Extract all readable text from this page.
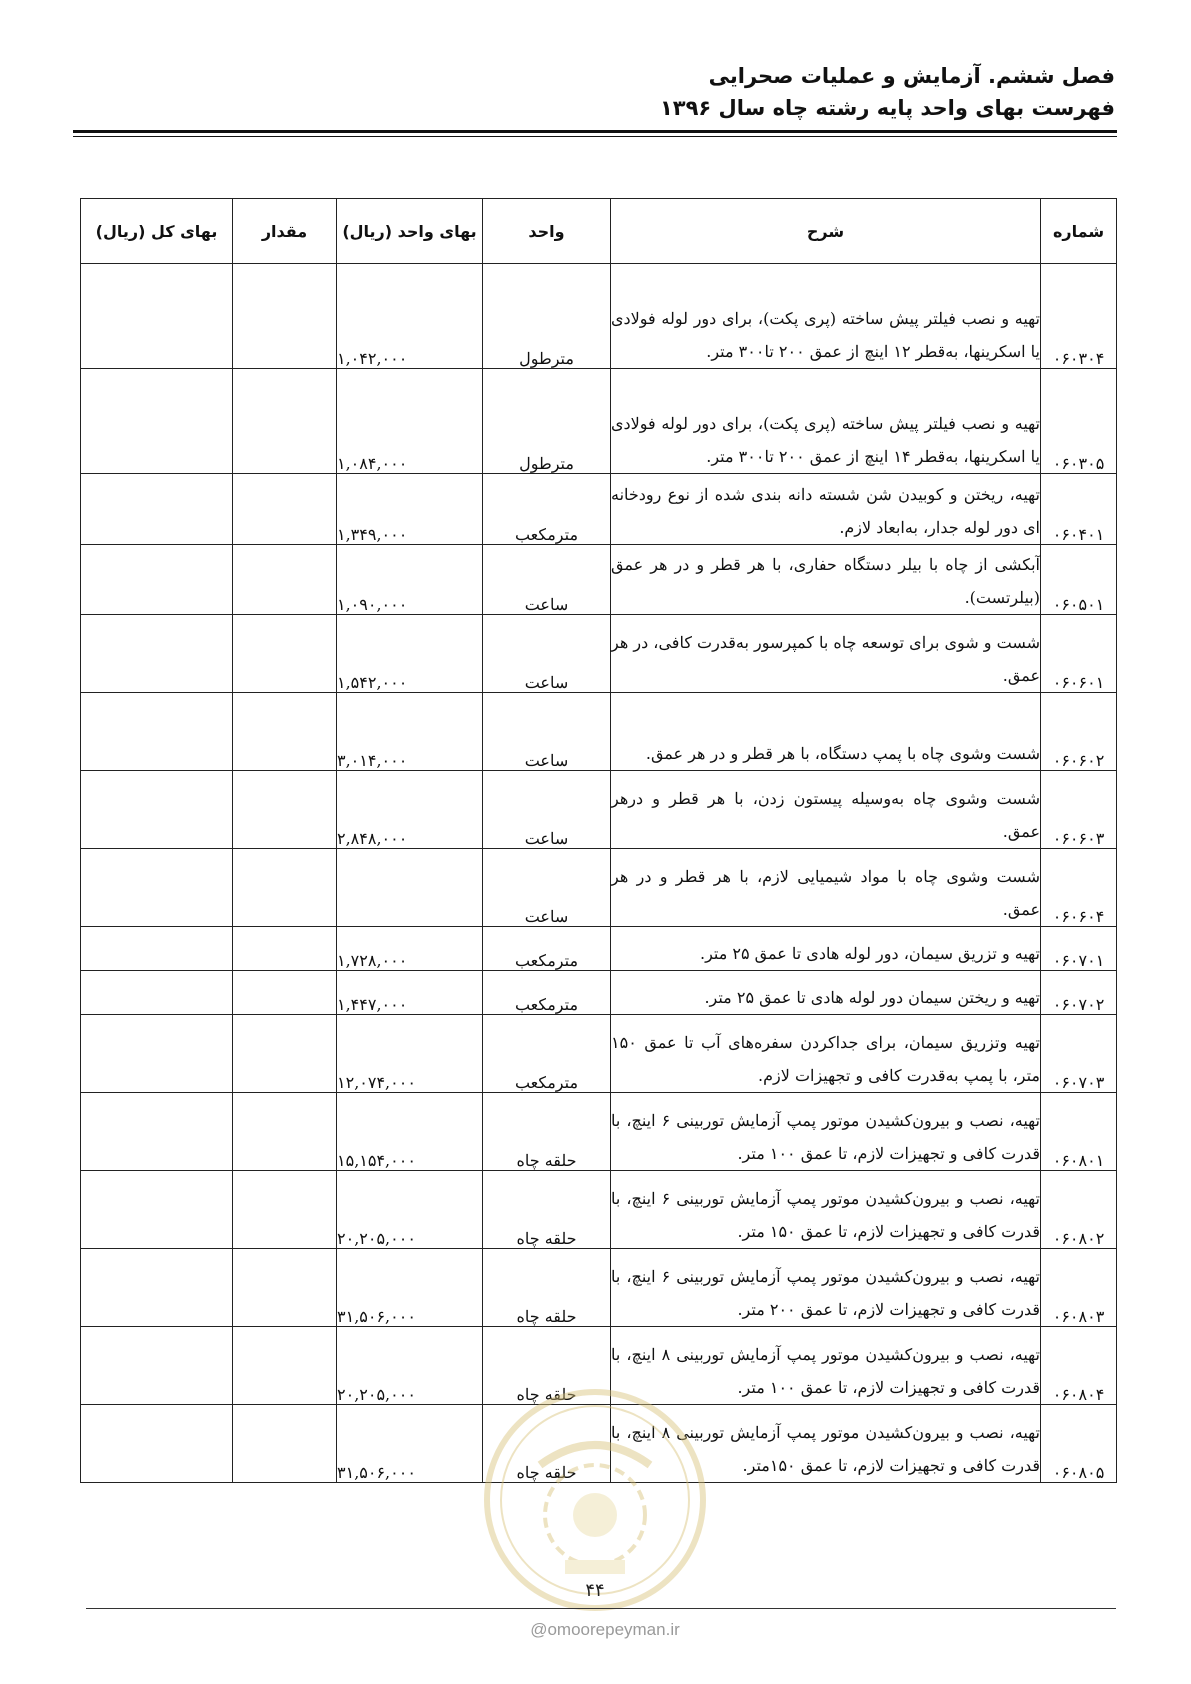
فصل ششم. آزمایش و عملیات صحرایی
فهرست بهای واحد پایه رشته چاه سال ۱۳۹۶
شماره	شرح	واحد	بهای واحد (ریال)	مقدار	بهای کل (ریال)
۰۶۰۳۰۴	تهیه و نصب فیلتر پیش ساخته (پری پکت)، برای دور لوله فولادی یا اسکرینها، به‌قطر ۱۲ اینچ از عمق ۲۰۰ تا۳۰۰ متر.	مترطول	۱,۰۴۲,۰۰۰		
۰۶۰۳۰۵	تهیه و نصب فیلتر پیش ساخته (پری پکت)، برای دور لوله فولادی یا اسکرینها، به‌قطر ۱۴ اینچ از عمق ۲۰۰ تا۳۰۰ متر.	مترطول	۱,۰۸۴,۰۰۰		
۰۶۰۴۰۱	تهیه، ریختن و کوبیدن شن شسته دانه بندی شده از نوع رودخانه ای دور لوله جدار، به‌ابعاد لازم.	مترمکعب	۱,۳۴۹,۰۰۰		
۰۶۰۵۰۱	آبکشی از چاه با بیلر دستگاه حفاری، با هر قطر و در هر عمق (بیلرتست).	ساعت	۱,۰۹۰,۰۰۰		
۰۶۰۶۰۱	شست و شوی برای توسعه چاه با کمپرسور به‌قدرت کافی، در هر عمق.	ساعت	۱,۵۴۲,۰۰۰		
۰۶۰۶۰۲	شست وشوی چاه با پمپ دستگاه، با هر قطر و در هر عمق.	ساعت	۳,۰۱۴,۰۰۰		
۰۶۰۶۰۳	شست وشوی چاه به‌وسیله پیستون زدن، با هر قطر و درهر عمق.	ساعت	۲,۸۴۸,۰۰۰		
۰۶۰۶۰۴	شست وشوی چاه با مواد شیمیایی لازم، با هر قطر و در هر عمق.	ساعت			
۰۶۰۷۰۱	تهیه و تزریق سیمان، دور لوله هادی تا عمق ۲۵ متر.	مترمکعب	۱,۷۲۸,۰۰۰		
۰۶۰۷۰۲	تهیه و ریختن سیمان دور لوله هادی تا عمق ۲۵ متر.	مترمکعب	۱,۴۴۷,۰۰۰		
۰۶۰۷۰۳	تهیه وتزریق سیمان، برای جداکردن سفره‌های آب تا عمق ۱۵۰ متر، با پمپ به‌قدرت کافی و تجهیزات لازم.	مترمکعب	۱۲,۰۷۴,۰۰۰		
۰۶۰۸۰۱	تهیه، نصب و بیرون‌کشیدن موتور پمپ آزمایش توربینی ۶ اینچ، با قدرت کافی و تجهیزات لازم، تا عمق ۱۰۰ متر.	حلقه چاه	۱۵,۱۵۴,۰۰۰		
۰۶۰۸۰۲	تهیه، نصب و بیرون‌کشیدن موتور پمپ آزمایش توربینی ۶ اینچ، با قدرت کافی و تجهیزات لازم، تا عمق ۱۵۰ متر.	حلقه چاه	۲۰,۲۰۵,۰۰۰		
۰۶۰۸۰۳	تهیه، نصب و بیرون‌کشیدن موتور پمپ آزمایش توربینی ۶ اینچ، با قدرت کافی و تجهیزات لازم، تا عمق ۲۰۰ متر.	حلقه چاه	۳۱,۵۰۶,۰۰۰		
۰۶۰۸۰۴	تهیه، نصب و بیرون‌کشیدن موتور پمپ آزمایش توربینی ۸ اینچ، با قدرت کافی و تجهیزات لازم، تا عمق ۱۰۰ متر.	حلقه چاه	۲۰,۲۰۵,۰۰۰		
۰۶۰۸۰۵	تهیه، نصب و بیرون‌کشیدن موتور پمپ آزمایش توربینی ۸ اینچ، با قدرت کافی و تجهیزات لازم، تا عمق ۱۵۰متر.	حلقه چاه	۳۱,۵۰۶,۰۰۰		
۴۴
@omoorepeyman.ir
